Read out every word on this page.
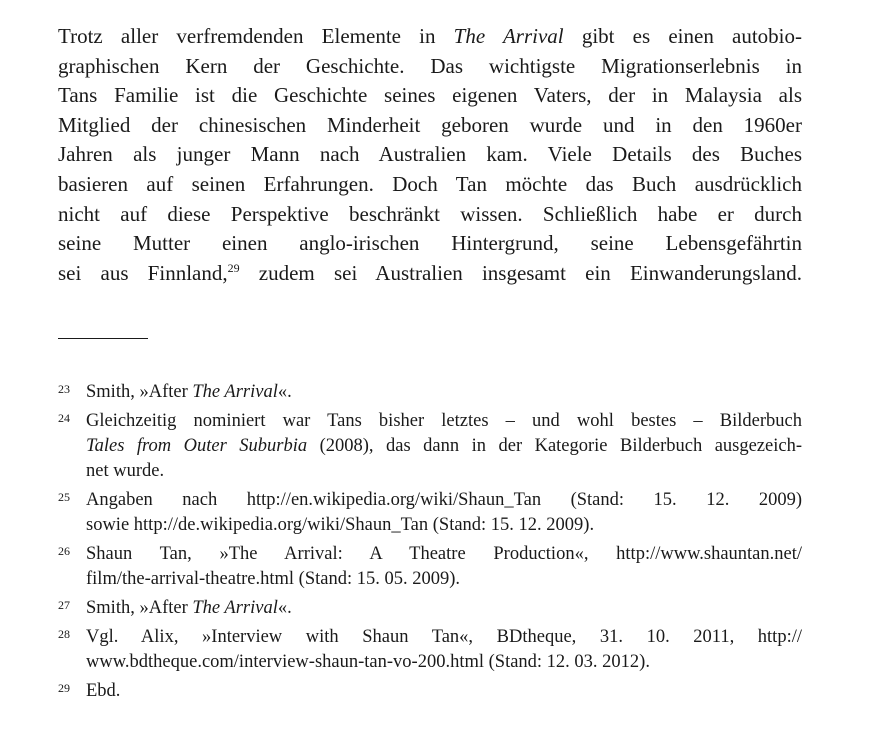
Trotz aller verfremdenden Elemente in The Arrival gibt es einen autobio-
graphischen Kern der Geschichte. Das wichtigste Migrationserlebnis in
Tans Familie ist die Geschichte seines eigenen Vaters, der in Malaysia als
Mitglied der chinesischen Minderheit geboren wurde und in den 1960er
Jahren als junger Mann nach Australien kam. Viele Details des Buches
basieren auf seinen Erfahrungen. Doch Tan möchte das Buch ausdrücklich
nicht auf diese Perspektive beschränkt wissen. Schließlich habe er durch
seine Mutter einen anglo-irischen Hintergrund, seine Lebensgefährtin
sei aus Finnland,$^{29}$ zudem sei Australien insgesamt ein Einwanderungsland.

23 Smith, »After The Arrival«.
24 Gleichzeitig nominiert war Tans bisher letztes – und wohl bestes – Bilderbuch
Tales from Outer Suburbia (2008), das dann in der Kategorie Bilderbuch ausgezeich-
net wurde.
25 Angaben nach http://en.wikipedia.org/wiki/Shaun_Tan (Stand: 15. 12. 2009)
sowie http://de.wikipedia.org/wiki/Shaun_Tan (Stand: 15. 12. 2009).
26 Shaun Tan, »The Arrival: A Theatre Production«, http://www.shauntan.net/
film/the-arrival-theatre.html (Stand: 15. 05. 2009).
27 Smith, »After The Arrival«.
28 Vgl. Alix, »Interview with Shaun Tan«, BDtheque, 31. 10. 2011, http://
www.bdtheque.com/interview-shaun-tan-vo-200.html (Stand: 12. 03. 2012).
29 Ebd.
